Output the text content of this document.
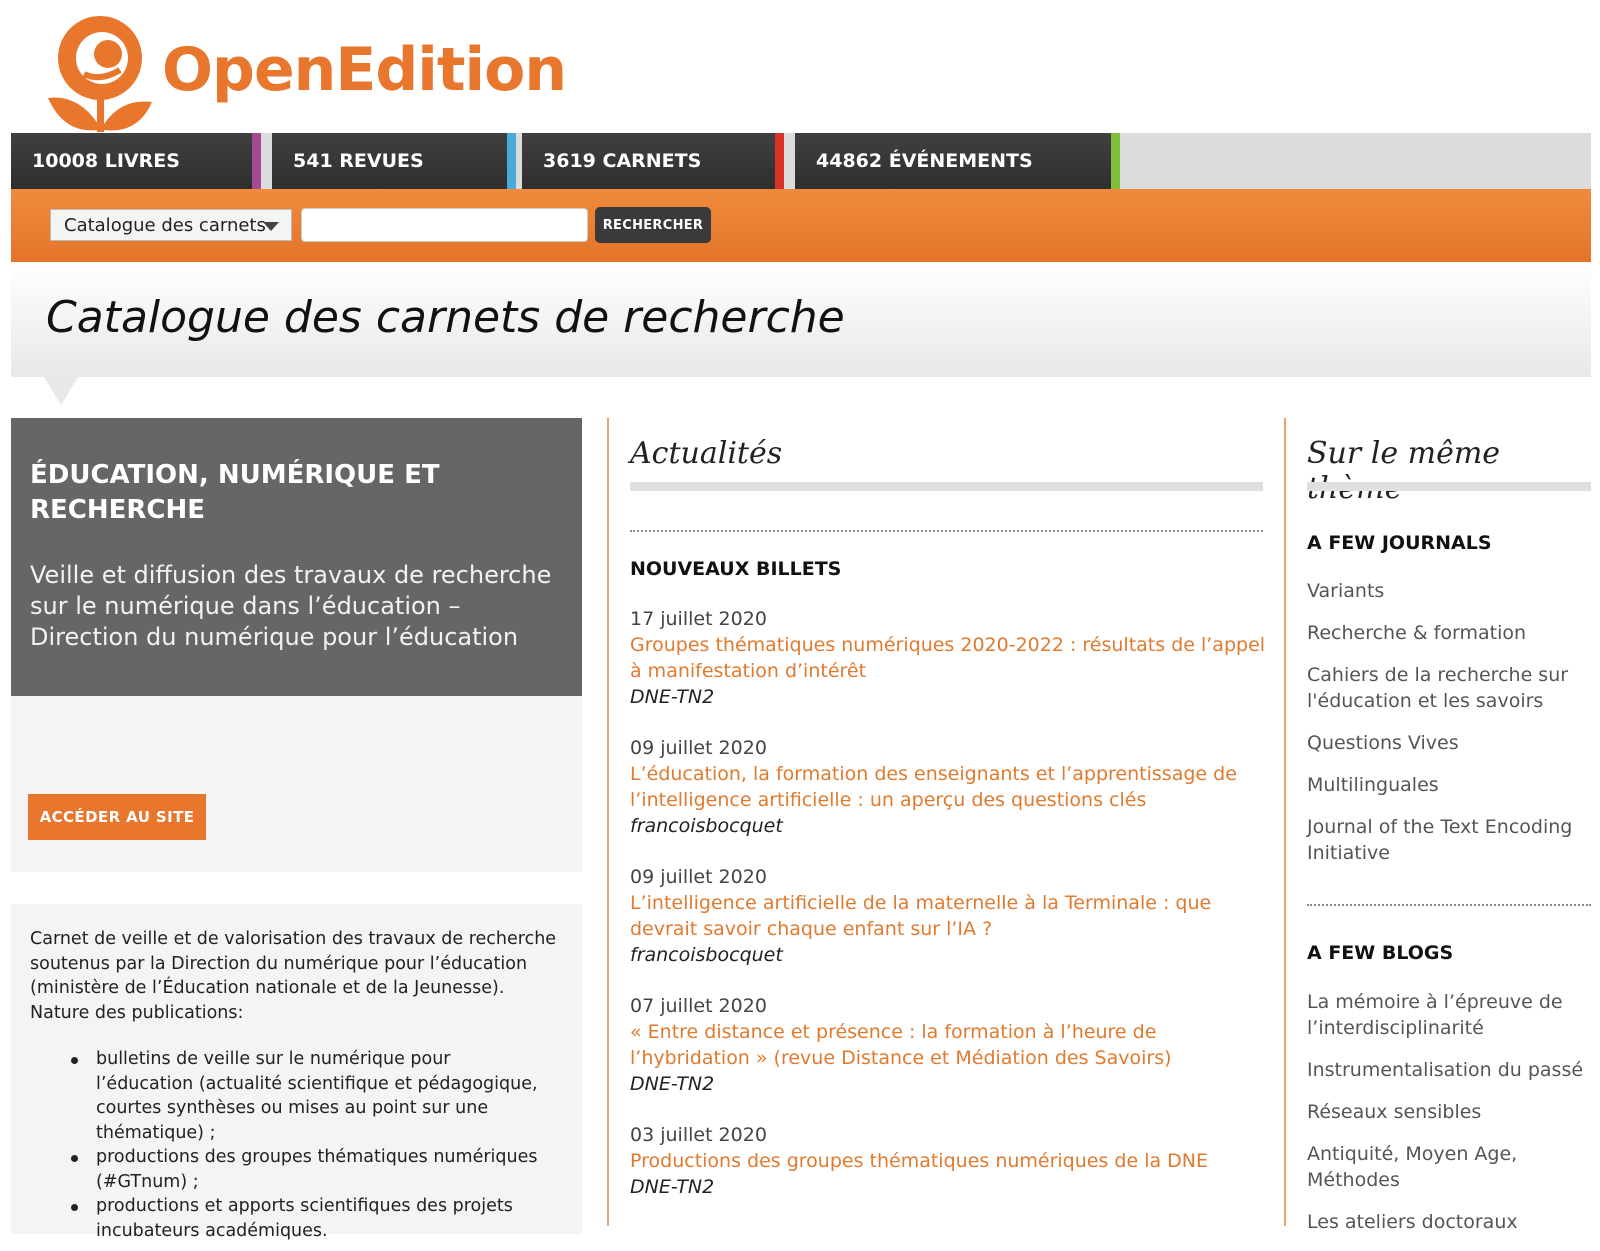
OpenEdition
10008 LIVRES	541 REVUES	3619 CARNETS	44862 ÉVÉNEMENTS
Catalogue des carnets	RECHERCHER
Catalogue des carnets de recherche
ÉDUCATION, NUMÉRIQUE ET RECHERCHE
Veille et diffusion des travaux de recherche sur le numérique dans l’éducation – Direction du numérique pour l’éducation
ACCÉDER AU SITE

Carnet de veille et de valorisation des travaux de recherche soutenus par la Direction du numérique pour l’éducation (ministère de l’Éducation nationale et de la Jeunesse). Nature des publications:

bulletins de veille sur le numérique pour l’éducation (actualité scientifique et pédagogique, courtes synthèses ou mises au point sur une thématique) ;
productions des groupes thématiques numériques (#GTnum) ;
productions et apports scientifiques des projets incubateurs académiques.
Actualités
NOUVEAUX BILLETS
17 juillet 2020
Groupes thématiques numériques 2020-2022 : résultats de l’appel à manifestation d’intérêt
DNE-TN2
09 juillet 2020
L’éducation, la formation des enseignants et l’apprentissage de l’intelligence artificielle : un aperçu des questions clés
francoisbocquet
09 juillet 2020
L’intelligence artificielle de la maternelle à la Terminale : que devrait savoir chaque enfant sur l’IA ?
francoisbocquet
07 juillet 2020
« Entre distance et présence : la formation à l’heure de l’hybridation » (revue Distance et Médiation des Savoirs)
DNE-TN2
03 juillet 2020
Productions des groupes thématiques numériques de la DNE
DNE-TN2
Sur le même
A FEW JOURNALS
Variants
Recherche & formation
Cahiers de la recherche sur l'éducation et les savoirs
Questions Vives
Multilinguales
Journal of the Text Encoding Initiative
A FEW BLOGS
La mémoire à l’épreuve de l’interdisciplinarité
Instrumentalisation du passé
Réseaux sensibles
Antiquité, Moyen Age, Méthodes
Les ateliers doctoraux
